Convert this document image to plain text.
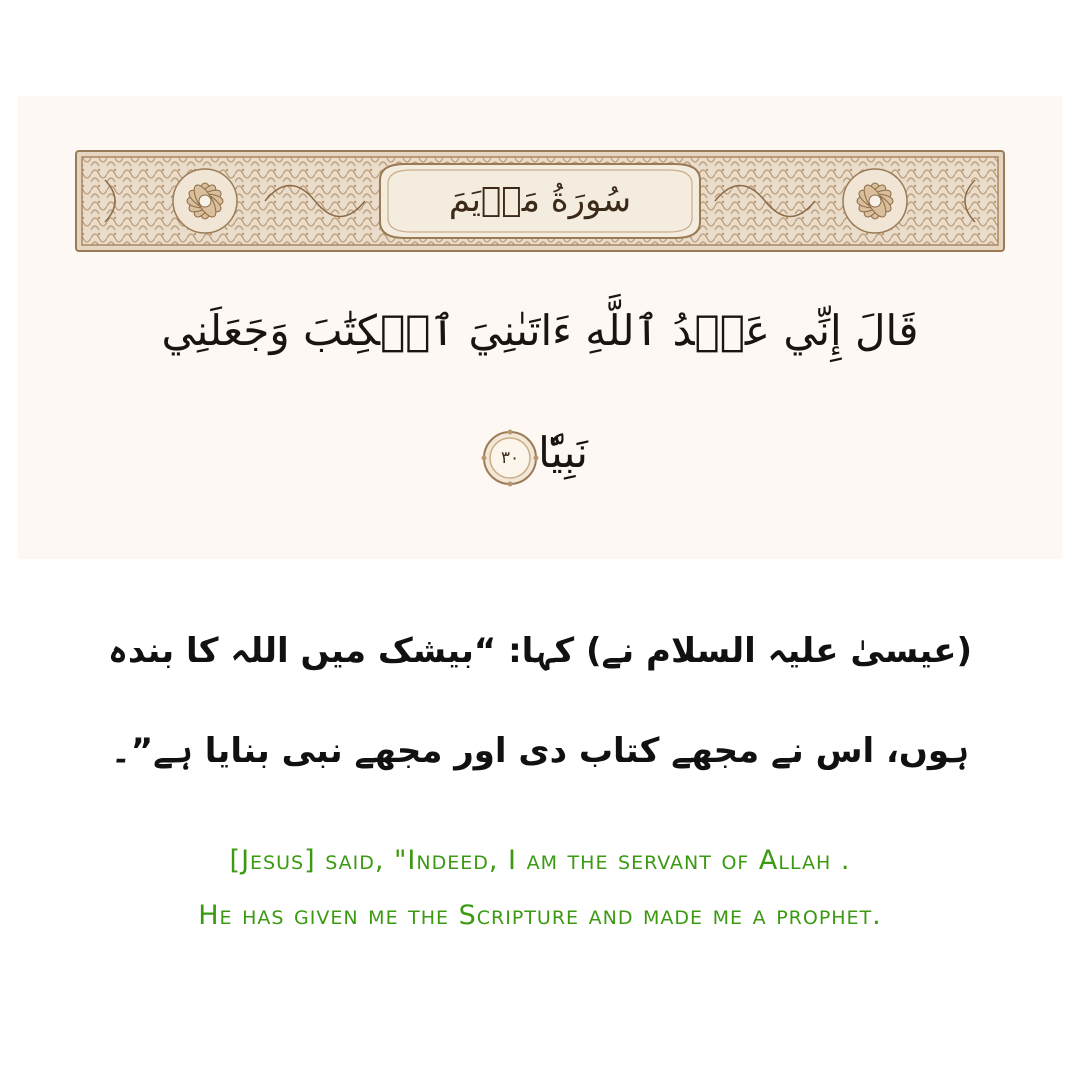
سُورَةُ مَرۡيَمَ
قَالَ إِنِّي عَبۡدُ ٱللَّهِ ءَاتَىٰنِيَ ٱلۡكِتَٰبَ وَجَعَلَنِي
نَبِيّٗا
٣٠
(عیسیٰ علیہ السلام نے) کہا: “بیشک میں اللہ کا بندہ
ہوں، اس نے مجھے کتاب دی اور مجھے نبی بنایا ہے”۔
[Jesus] said, "Indeed, I am the servant of Allah .
He has given me the Scripture and made me a prophet.
